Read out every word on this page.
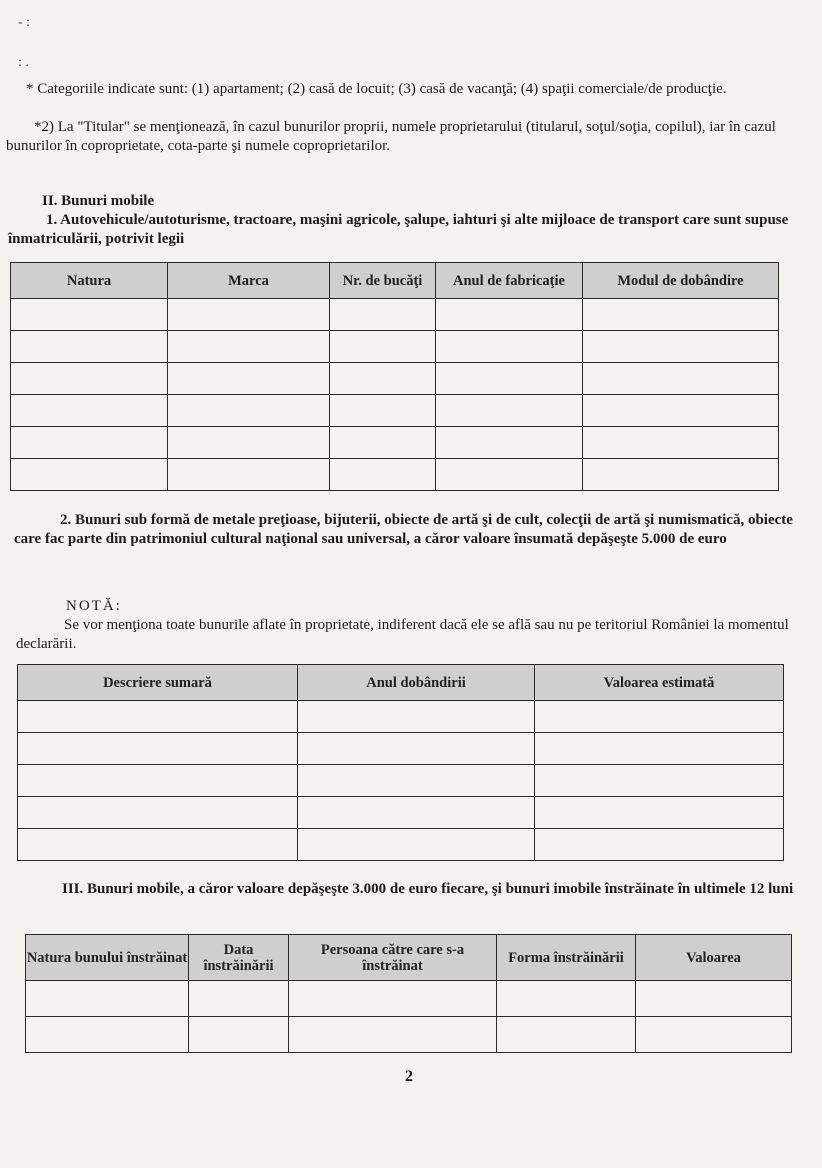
- :

: .

* Categoriile indicate sunt: (1) apartament; (2) casă de locuit; (3) casă de vacanţă; (4) spaţii comerciale/de producţie.

*2) La "Titular" se menţionează, în cazul bunurilor proprii, numele proprietarului (titularul, soţul/soţia, copilul), iar în cazul bunurilor în coproprietate, cota-parte şi numele coproprietarilor.

II. Bunuri mobile

1. Autovehicule/autoturisme, tractoare, maşini agricole, şalupe, iahturi şi alte mijloace de transport care sunt supuse înmatriculării, potrivit legii

Natura	Marca	Nr. de bucăţi	Anul de fabricaţie	Modul de dobândire

2. Bunuri sub formă de metale preţioase, bijuterii, obiecte de artă şi de cult, colecţii de artă şi numismatică, obiecte care fac parte din patrimoniul cultural naţional sau universal, a căror valoare însumată depăşeşte 5.000 de euro

NOTĂ:

Se vor menţiona toate bunurile aflate în proprietate, indiferent dacă ele se află sau nu pe teritoriul României la momentul declarării.

Descriere sumară	Anul dobândirii	Valoarea estimată

III. Bunuri mobile, a căror valoare depăşeşte 3.000 de euro fiecare, şi bunuri imobile înstrăinate în ultimele 12 luni

Natura bunului înstrăinat	Data înstrăinării	Persoana către care s-a înstrăinat	Forma înstrăinării	Valoarea

2
